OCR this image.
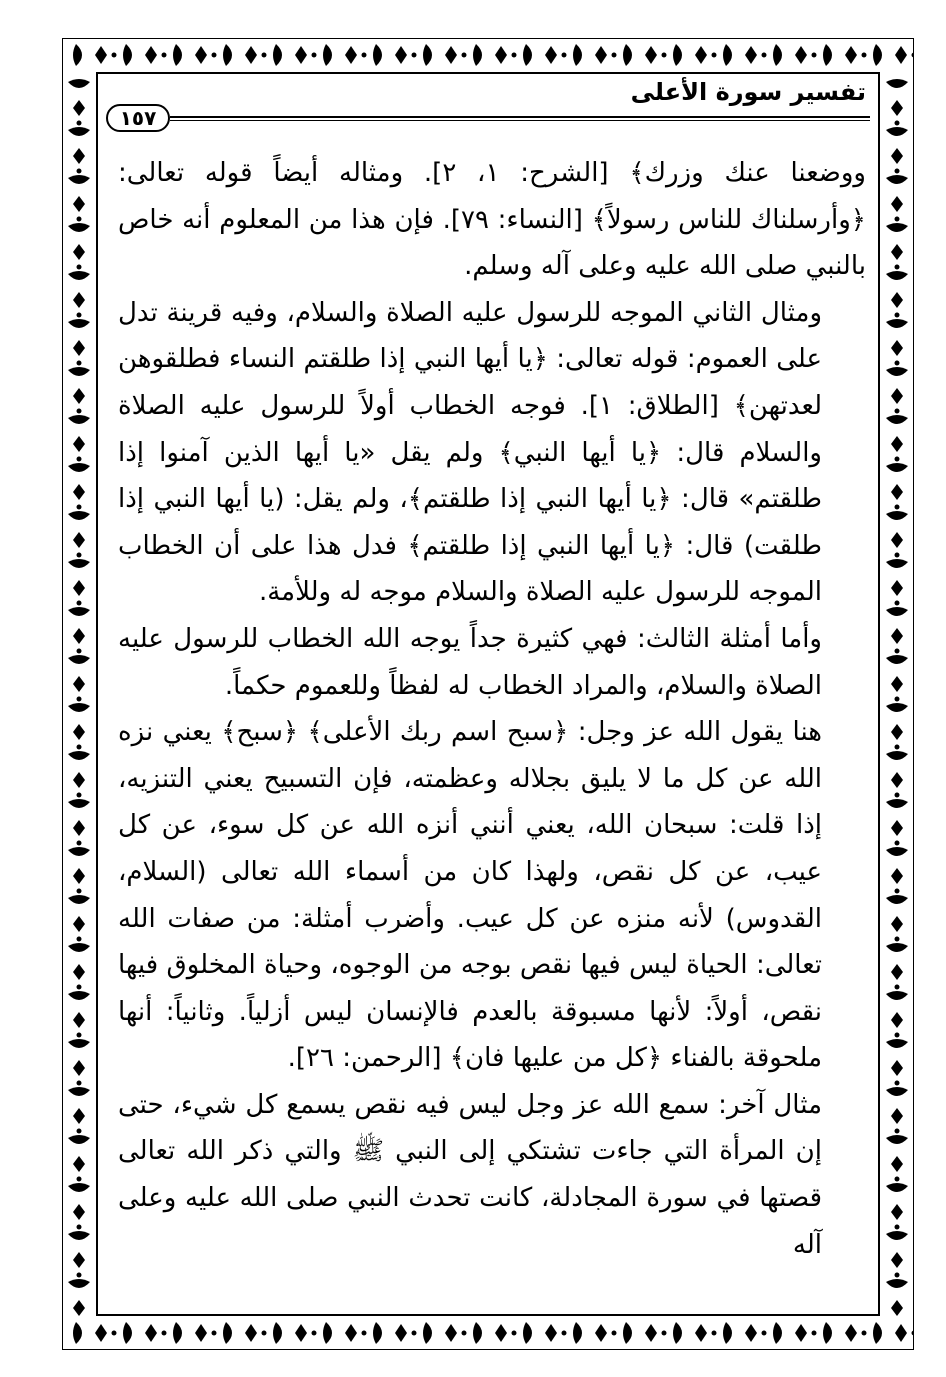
تفسير سورة الأعلى
١٥٧

ووضعنا عنك وزرك﴾ [الشرح: ١، ٢]. ومثاله أيضاً قوله تعالى: ﴿وأرسلناك للناس رسولاً﴾ [النساء: ٧٩]. فإن هذا من المعلوم أنه خاص بالنبي صلى الله عليه وعلى آله وسلم.

ومثال الثاني الموجه للرسول عليه الصلاة والسلام، وفيه قرينة تدل على العموم: قوله تعالى: ﴿يا أيها النبي إذا طلقتم النساء فطلقوهن لعدتهن﴾ [الطلاق: ١]. فوجه الخطاب أولاً للرسول عليه الصلاة والسلام قال: ﴿يا أيها النبي﴾ ولم يقل «يا أيها الذين آمنوا إذا طلقتم» قال: ﴿يا أيها النبي إذا طلقتم﴾، ولم يقل: (يا أيها النبي إذا طلقت) قال: ﴿يا أيها النبي إذا طلقتم﴾ فدل هذا على أن الخطاب الموجه للرسول عليه الصلاة والسلام موجه له وللأمة.

وأما أمثلة الثالث: فهي كثيرة جداً يوجه الله الخطاب للرسول عليه الصلاة والسلام، والمراد الخطاب له لفظاً وللعموم حكماً.

هنا يقول الله عز وجل: ﴿سبح اسم ربك الأعلى﴾ ﴿سبح﴾ يعني نزه الله عن كل ما لا يليق بجلاله وعظمته، فإن التسبيح يعني التنزيه، إذا قلت: سبحان الله، يعني أنني أنزه الله عن كل سوء، عن كل عيب، عن كل نقص، ولهذا كان من أسماء الله تعالى (السلام، القدوس) لأنه منزه عن كل عيب. وأضرب أمثلة: من صفات الله تعالى: الحياة ليس فيها نقص بوجه من الوجوه، وحياة المخلوق فيها نقص، أولاً: لأنها مسبوقة بالعدم فالإنسان ليس أزلياً. وثانياً: أنها ملحوقة بالفناء ﴿كل من عليها فان﴾ [الرحمن: ٢٦].

مثال آخر: سمع الله عز وجل ليس فيه نقص يسمع كل شيء، حتى إن المرأة التي جاءت تشتكي إلى النبي ﷺ والتي ذكر الله تعالى قصتها في سورة المجادلة، كانت تحدث النبي صلى الله عليه وعلى آله
